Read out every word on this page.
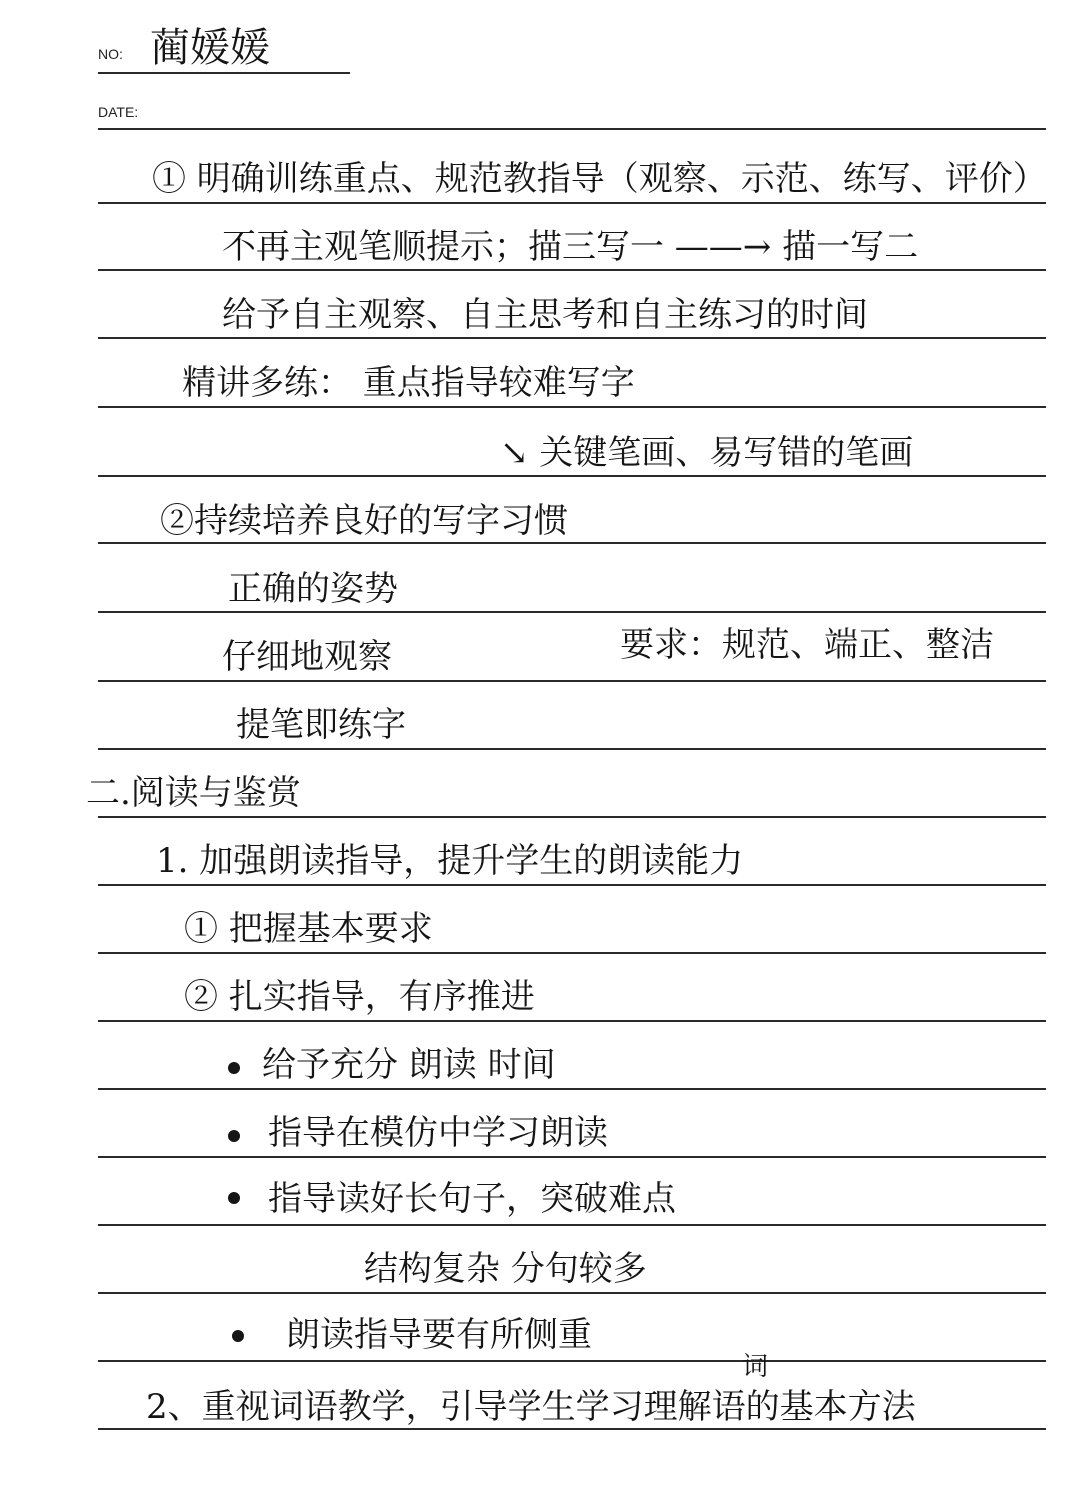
NO: 蔺媛媛
DATE:
① 明确训练重点、规范教指导（观察、示范、练写、评价）
不再主观笔顺提示；描三写一 ——→ 描一写二
给予自主观察、自主思考和自主练习的时间
精讲多练： 重点指导较难写字
↘ 关键笔画、易写错的笔画
②持续培养良好的写字习惯
正确的姿势
仔细地观察	要求：规范、端正、整洁
提笔即练字
二.阅读与鉴赏
1. 加强朗读指导，提升学生的朗读能力
① 把握基本要求
② 扎实指导，有序推进
给予充分 朗读 时间
指导在模仿中学习朗读
指导读好长句子，突破难点
结构复杂 分句较多
朗读指导要有所侧重
词
2、重视词语教学，引导学生学习理解语的基本方法
